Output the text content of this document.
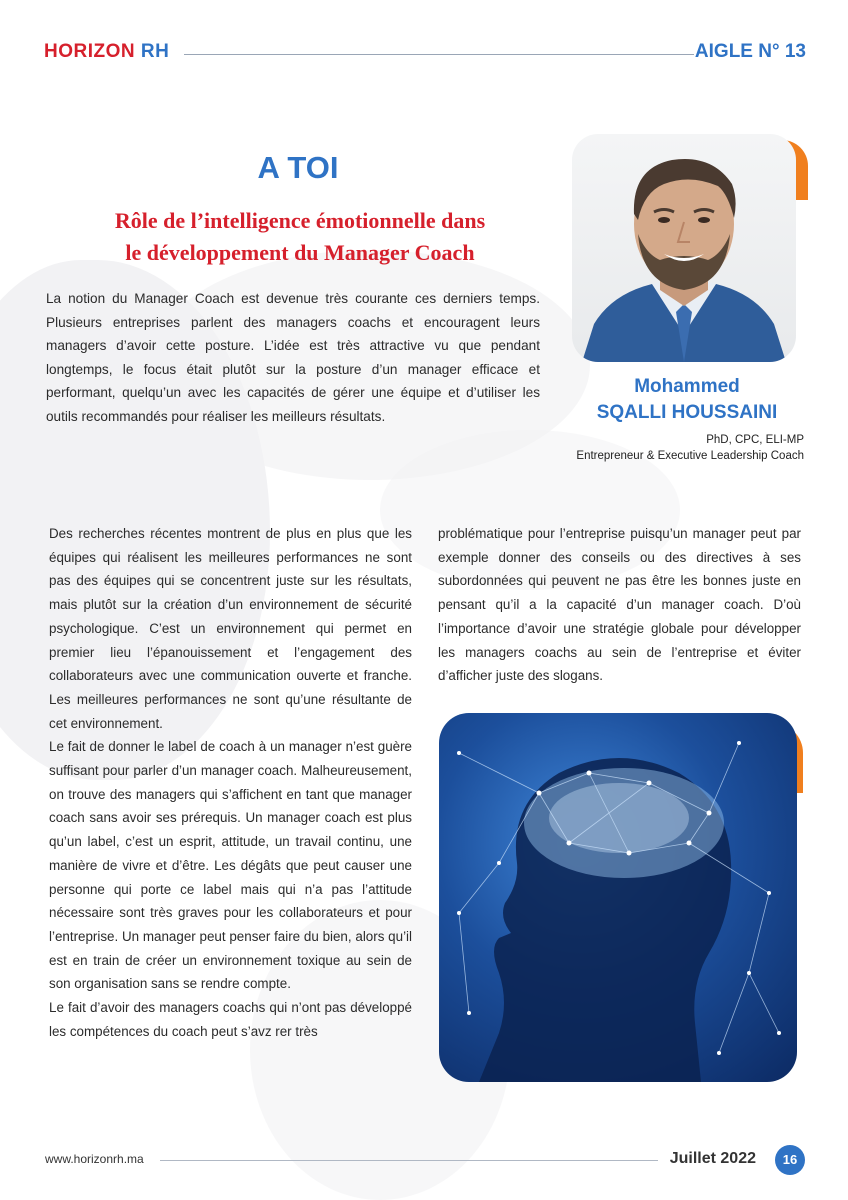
HORIZON RH	AIGLE N° 13
A TOI
Rôle de l’intelligence émotionnelle dans
le développement du Manager Coach
La notion du Manager Coach est devenue très courante ces derniers temps. Plusieurs entreprises parlent des managers coachs et encouragent leurs managers d’avoir cette posture. L’idée est très attractive vu que pendant longtemps, le focus était plutôt sur la posture d’un manager efficace et performant, quelqu’un avec les capacités de gérer une équipe et d’utiliser les outils recommandés pour réaliser les meilleurs résultats.
Mohammed
SQALLI HOUSSAINI
PhD, CPC, ELI-MP
Entrepreneur & Executive Leadership Coach

Des recherches récentes montrent de plus en plus que les équipes qui réalisent les meilleures performances ne sont pas des équipes qui se concentrent juste sur les résultats, mais plutôt sur la création d’un environnement de sécurité psychologique. C’est un environnement qui permet en premier lieu l’épanouissement et l’engagement des collaborateurs avec une communication ouverte et franche. Les meilleures performances ne sont qu’une résultante de cet environnement.

Le fait de donner le label de coach à un manager n’est guère suffisant pour parler d’un manager coach. Malheureusement, on trouve des managers qui s’affichent en tant que manager coach sans avoir ses prérequis. Un manager coach est plus qu’un label, c’est un esprit, attitude, un travail continu, une manière de vivre et d’être. Les dégâts que peut causer une personne qui porte ce label mais qui n’a pas l’attitude nécessaire sont très graves pour les collaborateurs et pour l’entreprise. Un manager peut penser faire du bien, alors qu’il est en train de créer un environnement toxique au sein de son organisation sans se rendre compte.

Le fait d’avoir des managers coachs qui n’ont pas développé les compétences du coach peut s’avz rer très

problématique pour l’entreprise puisqu’un manager peut par exemple donner des conseils ou des directives à ses subordonnées qui peuvent ne pas être les bonnes juste en pensant qu’il a la capacité d’un manager coach. D’où l’importance d’avoir une stratégie globale pour développer les managers coachs au sein de l’entreprise et éviter d’afficher juste des slogans.

www.horizonrh.ma	Juillet 2022	16
